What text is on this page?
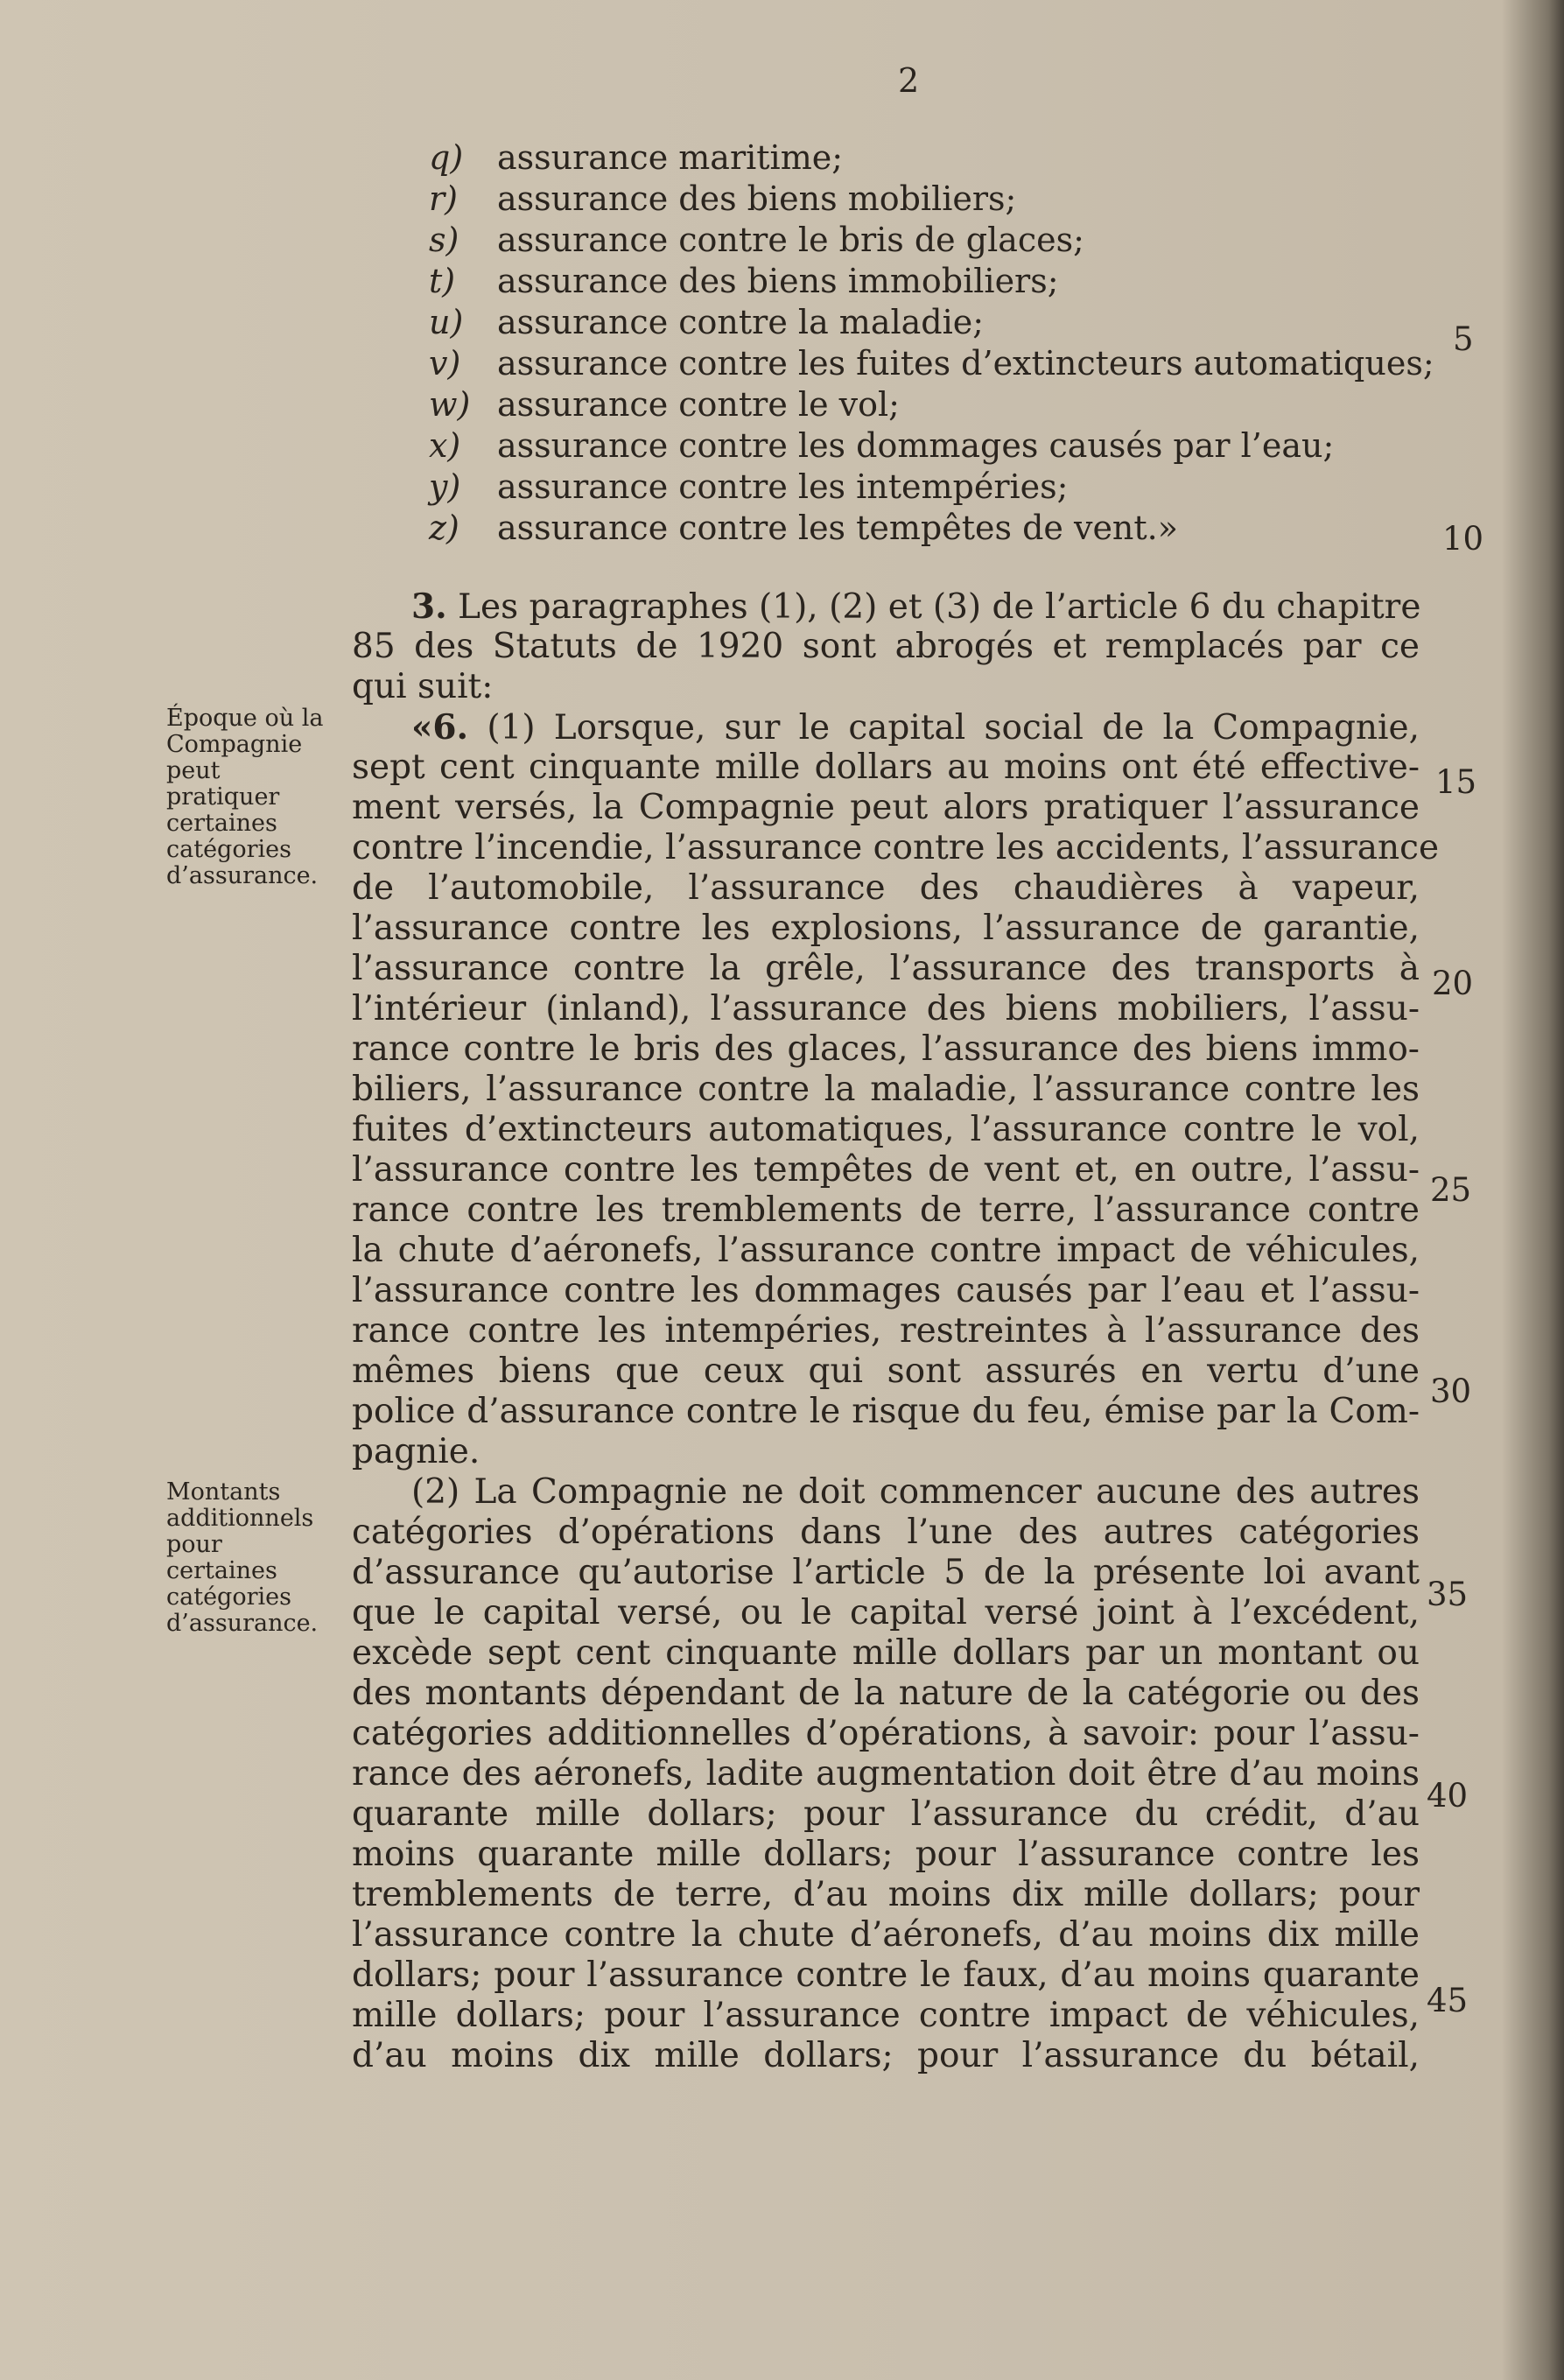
2
q)	assurance maritime;
r)	assurance des biens mobiliers;
s)	assurance contre le bris de glaces;
t)	assurance des biens immobiliers;
u)	assurance contre la maladie;
v)	assurance contre les fuites d’extincteurs automatiques;
w) assurance contre le vol;
x)	assurance contre les dommages causés par l’eau;
y)	assurance contre les intempéries;
z)	assurance contre les tempêtes de vent.»
3. Les paragraphes (1), (2) et (3) de l’article 6 du chapitre
85 des Statuts de 1920 sont abrogés et remplacés par ce
qui suit:
«6. (1) Lorsque, sur le capital social de la Compagnie,
sept cent cinquante mille dollars au moins ont été effective-
ment versés, la Compagnie peut alors pratiquer l’assurance
contre l’incendie, l’assurance contre les accidents, l’assurance
de l’automobile, l’assurance des chaudières à vapeur,
l’assurance contre les explosions, l’assurance de garantie,
l’assurance contre la grêle, l’assurance des transports à
l’intérieur (inland), l’assurance des biens mobiliers, l’assu-
rance contre le bris des glaces, l’assurance des biens immo-
biliers, l’assurance contre la maladie, l’assurance contre les
fuites d’extincteurs automatiques, l’assurance contre le vol,
l’assurance contre les tempêtes de vent et, en outre, l’assu-
rance contre les tremblements de terre, l’assurance contre
la chute d’aéronefs, l’assurance contre impact de véhicules,
l’assurance contre les dommages causés par l’eau et l’assu-
rance contre les intempéries, restreintes à l’assurance des
mêmes biens que ceux qui sont assurés en vertu d’une
police d’assurance contre le risque du feu, émise par la Com-
pagnie.
(2) La Compagnie ne doit commencer aucune des autres
catégories d’opérations dans l’une des autres catégories
d’assurance qu’autorise l’article 5 de la présente loi avant
que le capital versé, ou le capital versé joint à l’excédent,
excède sept cent cinquante mille dollars par un montant ou
des montants dépendant de la nature de la catégorie ou des
catégories additionnelles d’opérations, à savoir: pour l’assu-
rance des aéronefs, ladite augmentation doit être d’au moins
quarante mille dollars; pour l’assurance du crédit, d’au
moins quarante mille dollars; pour l’assurance contre les
tremblements de terre, d’au moins dix mille dollars; pour
l’assurance contre la chute d’aéronefs, d’au moins dix mille
dollars; pour l’assurance contre le faux, d’au moins quarante
mille dollars; pour l’assurance contre impact de véhicules,
d’au moins dix mille dollars; pour l’assurance du bétail,
Époque où la
Compagnie
peut
pratiquer
certaines
catégories
d’assurance.
Montants
additionnels
pour
certaines
catégories
d’assurance.
5
10
15
20
25
30
35
40
45
